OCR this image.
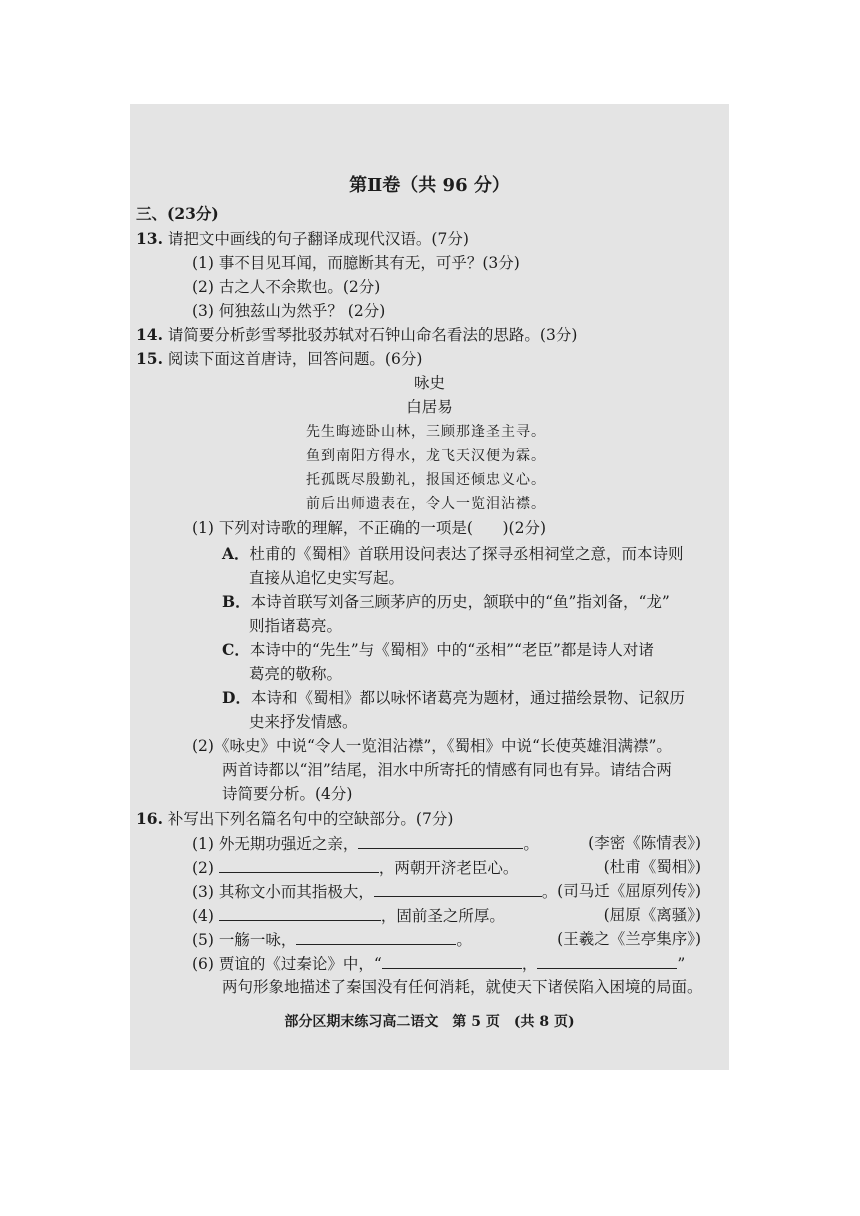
第Ⅱ卷（共 96 分）
三、(23分)
13. 请把文中画线的句子翻译成现代汉语。(7分)
(1) 事不目见耳闻，而臆断其有无，可乎？(3分)
(2) 古之人不余欺也。(2分)
(3) 何独兹山为然乎？ (2分)
14. 请简要分析彭雪琴批驳苏轼对石钟山命名看法的思路。(3分)
15. 阅读下面这首唐诗，回答问题。(6分)
咏史
白居易
先生晦迹卧山林，三顾那逢圣主寻。
鱼到南阳方得水，龙飞天汉便为霖。
托孤既尽殷勤礼，报国还倾忠义心。
前后出师遗表在，令人一览泪沾襟。
(1) 下列对诗歌的理解，不正确的一项是(      )(2分)
A．杜甫的《蜀相》首联用设问表达了探寻丞相祠堂之意，而本诗则
直接从追忆史实写起。
B．本诗首联写刘备三顾茅庐的历史，颔联中的“鱼”指刘备，“龙”
则指诸葛亮。
C．本诗中的“先生”与《蜀相》中的“丞相”“老臣”都是诗人对诸
葛亮的敬称。
D．本诗和《蜀相》都以咏怀诸葛亮为题材，通过描绘景物、记叙历
史来抒发情感。
(2)《咏史》中说“令人一览泪沾襟”，《蜀相》中说“长使英雄泪满襟”。
两首诗都以“泪”结尾，泪水中所寄托的情感有同也有异。请结合两
诗简要分析。(4分)
16. 补写出下列名篇名句中的空缺部分。(7分)
(1) 外无期功强近之亲，	。	(李密《陈情表》)
(2)	，两朝开济老臣心。	(杜甫《蜀相》)
(3) 其称文小而其指极大，	。 (司马迁《屈原列传》)
(4)	，固前圣之所厚。	(屈原《离骚》)
(5) 一觞一咏，	。	(王羲之《兰亭集序》)
(6) 贾谊的《过秦论》中，“	，	”
两句形象地描述了秦国没有任何消耗，就使天下诸侯陷入困境的局面。
部分区期末练习高二语文　第 5 页　(共 8 页)
